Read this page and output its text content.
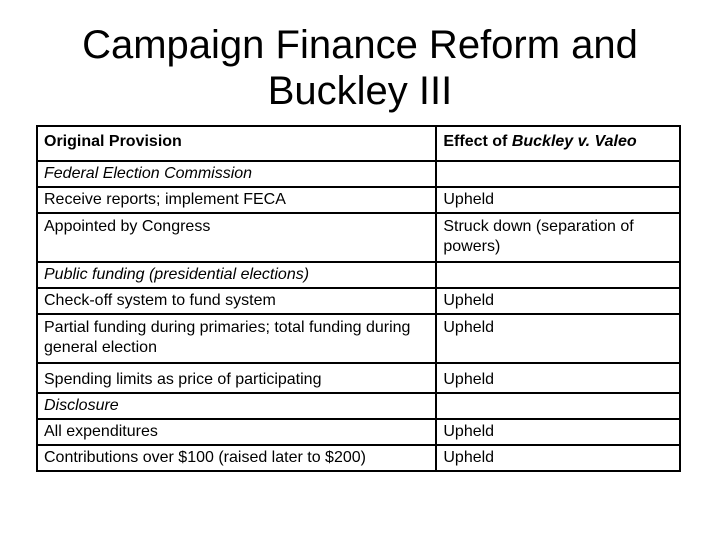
Campaign Finance Reform and
Buckley III
Original Provision	Effect of Buckley v. Valeo
Federal Election Commission	
Receive reports; implement FECA	Upheld
Appointed by Congress	Struck down (separation of powers)
Public funding (presidential elections)	
Check-off system to fund system	Upheld
Partial funding during primaries; total funding during general election	Upheld
Spending limits as price of participating	Upheld
Disclosure	
All expenditures	Upheld
Contributions over $100 (raised later to $200)	Upheld
